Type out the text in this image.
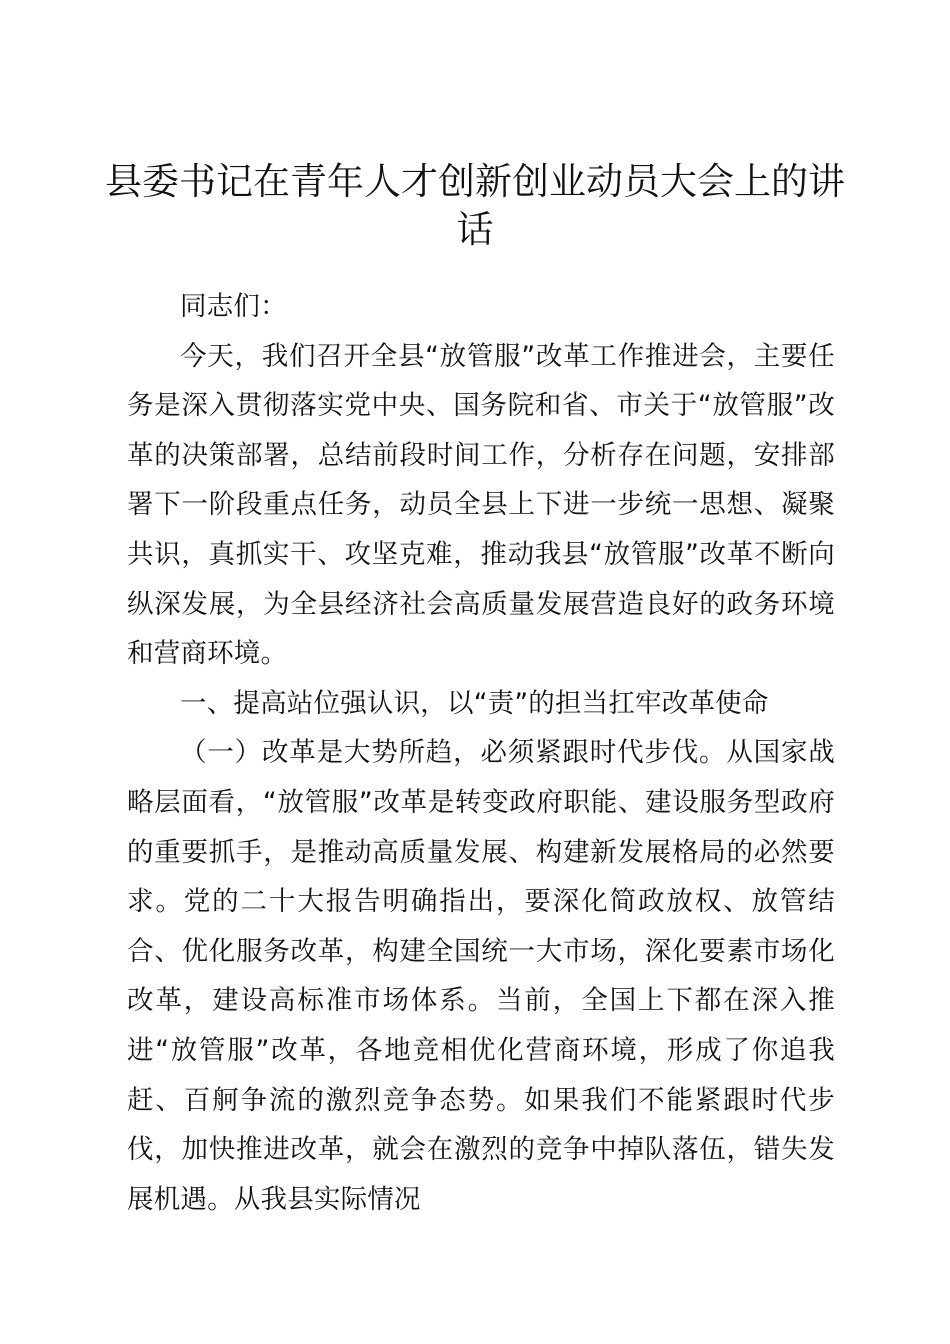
县委书记在青年人才创新创业动员大会上的讲话

同志们：

今天，我们召开全县“放管服”改革工作推进会，主要任务是深入贯彻落实党中央、国务院和省、市关于“放管服”改革的决策部署，总结前段时间工作，分析存在问题，安排部署下一阶段重点任务，动员全县上下进一步统一思想、凝聚共识，真抓实干、攻坚克难，推动我县“放管服”改革不断向纵深发展，为全县经济社会高质量发展营造良好的政务环境和营商环境。

一、提高站位强认识，以“责”的担当扛牢改革使命

（一）改革是大势所趋，必须紧跟时代步伐。从国家战略层面看，“放管服”改革是转变政府职能、建设服务型政府的重要抓手，是推动高质量发展、构建新发展格局的必然要求。党的二十大报告明确指出，要深化简政放权、放管结合、优化服务改革，构建全国统一大市场，深化要素市场化改革，建设高标准市场体系。当前，全国上下都在深入推进“放管服”改革，各地竞相优化营商环境，形成了你追我赶、百舸争流的激烈竞争态势。如果我们不能紧跟时代步伐，加快推进改革，就会在激烈的竞争中掉队落伍，错失发展机遇。从我县实际情况
